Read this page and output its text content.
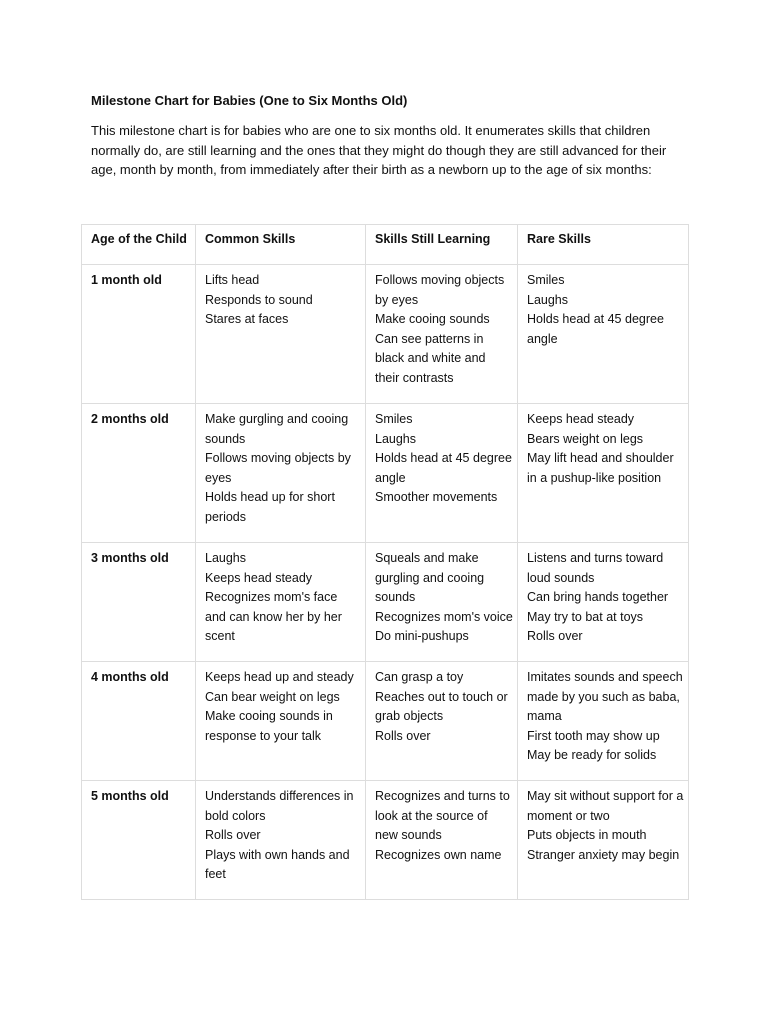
Milestone Chart for Babies (One to Six Months Old)
This milestone chart is for babies who are one to six months old. It enumerates skills that children
normally do, are still learning and the ones that they might do though they are still advanced for their
age, month by month, from immediately after their birth as a newborn up to the age of six months:
Age of the Child	Common Skills	Skills Still Learning	Rare Skills
1 month old	Lifts head
Responds to sound
Stares at faces	Follows moving objects by eyes
Make cooing sounds
Can see patterns in black and white and their contrasts	Smiles
Laughs
Holds head at 45 degree angle

2 months old	Make gurgling and cooing sounds
Follows moving objects by eyes
Holds head up for short periods	Smiles
Laughs
Holds head at 45 degree angle
Smoother movements	Keeps head steady
Bears weight on legs
May lift head and shoulder in a pushup-like position

3 months old	Laughs
Keeps head steady
Recognizes mom's face and can know her by her scent	Squeals and make gurgling and cooing sounds
Recognizes mom's voice
Do mini-pushups	Listens and turns toward loud sounds
Can bring hands together
May try to bat at toys
Rolls over

4 months old	Keeps head up and steady
Can bear weight on legs
Make cooing sounds in response to your talk	Can grasp a toy
Reaches out to touch or grab objects
Rolls over	Imitates sounds and speech made by you such as baba, mama
First tooth may show up
May be ready for solids

5 months old	Understands differences in bold colors
Rolls over
Plays with own hands and feet	Recognizes and turns to look at the source of new sounds
Recognizes own name	May sit without support for a moment or two
Puts objects in mouth
Stranger anxiety may begin
